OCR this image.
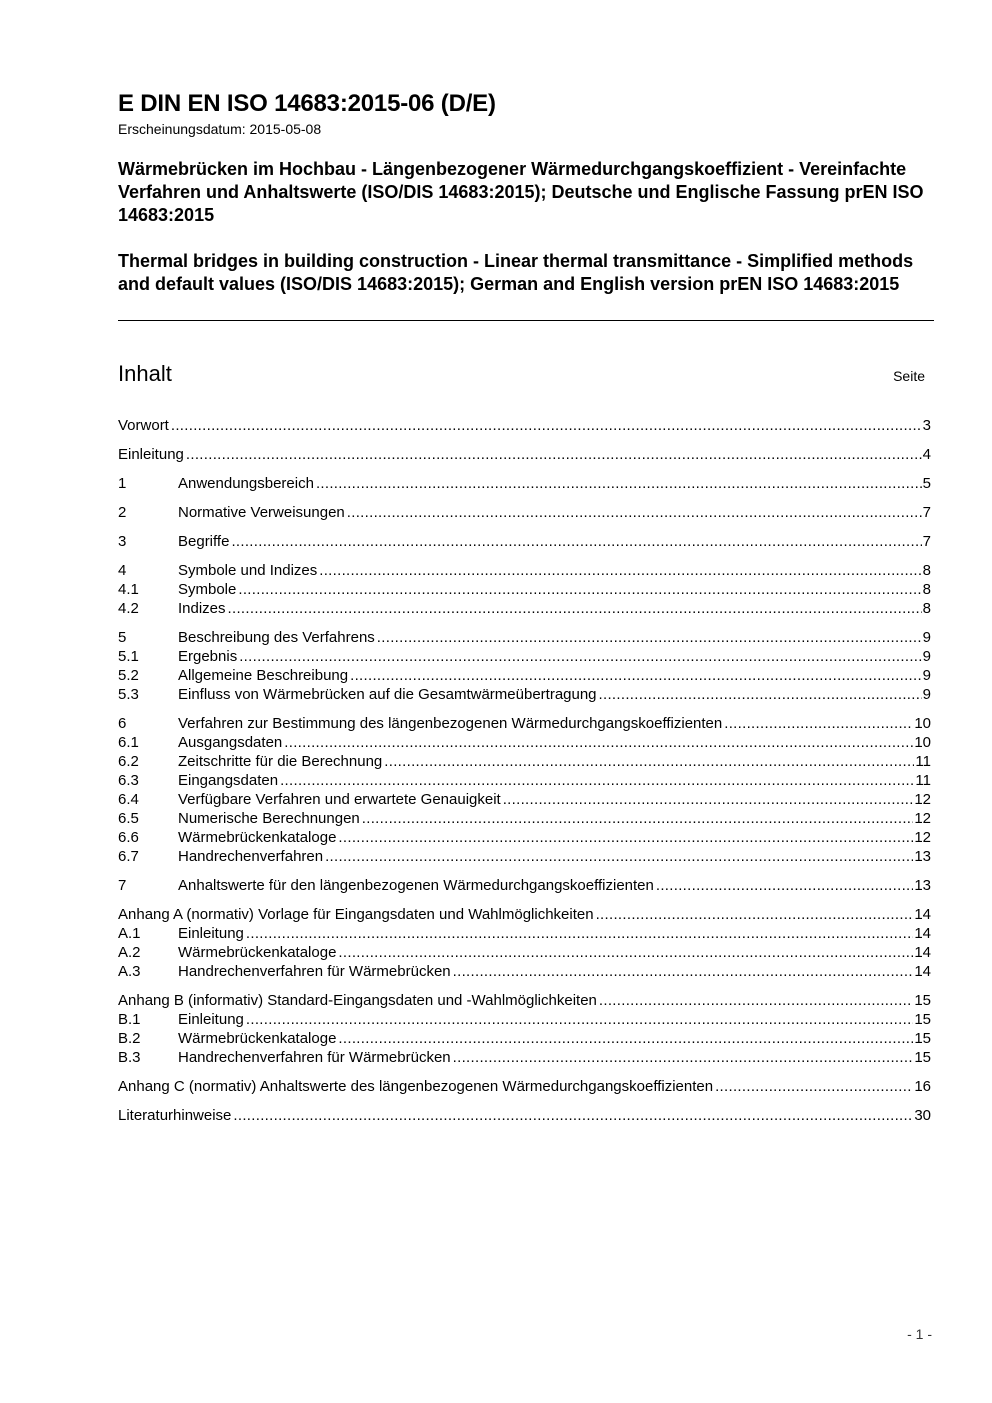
E DIN EN ISO 14683:2015-06 (D/E)
Erscheinungsdatum: 2015-05-08
Wärmebrücken im Hochbau - Längenbezogener Wärmedurchgangskoeffizient - Vereinfachte Verfahren und Anhaltswerte (ISO/DIS 14683:2015); Deutsche und Englische Fassung prEN ISO 14683:2015
Thermal bridges in building construction - Linear thermal transmittance - Simplified methods and default values (ISO/DIS 14683:2015); German and English version prEN ISO 14683:2015
Inhalt	Seite
Vorwort .....	3
Einleitung .....	4
1	Anwendungsbereich .....	5
2	Normative Verweisungen .....	7
3	Begriffe .....	7
4	Symbole und Indizes .....	8
4.1	Symbole .....	8
4.2	Indizes .....	8
5	Beschreibung des Verfahrens .....	9
5.1	Ergebnis .....	9
5.2	Allgemeine Beschreibung .....	9
5.3	Einfluss von Wärmebrücken auf die Gesamtwärmeübertragung .....	9
6	Verfahren zur Bestimmung des längenbezogenen Wärmedurchgangskoeffizienten .....	10
6.1	Ausgangsdaten .....	10
6.2	Zeitschritte für die Berechnung .....	11
6.3	Eingangsdaten .....	11
6.4	Verfügbare Verfahren und erwartete Genauigkeit .....	12
6.5	Numerische Berechnungen .....	12
6.6	Wärmebrückenkataloge .....	12
6.7	Handrechenverfahren .....	13
7	Anhaltswerte für den längenbezogenen Wärmedurchgangskoeffizienten .....	13
Anhang A (normativ) Vorlage für Eingangsdaten und Wahlmöglichkeiten .....	14
A.1	Einleitung .....	14
A.2	Wärmebrückenkataloge .....	14
A.3	Handrechenverfahren für Wärmebrücken .....	14
Anhang B (informativ) Standard-Eingangsdaten und -Wahlmöglichkeiten .....	15
B.1	Einleitung .....	15
B.2	Wärmebrückenkataloge .....	15
B.3	Handrechenverfahren für Wärmebrücken .....	15
Anhang C (normativ) Anhaltswerte des längenbezogenen Wärmedurchgangskoeffizienten .....	16
Literaturhinweise .....	30
- 1 -
